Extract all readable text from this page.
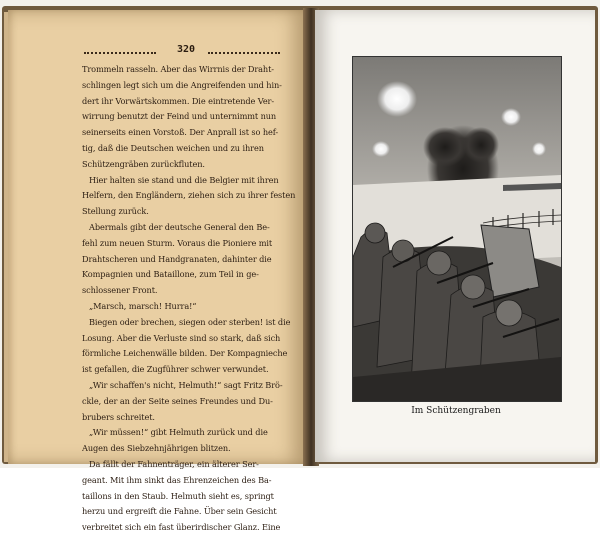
320
Trommeln rasseln. Aber das Wirrnis der Draht-
schlingen legt sich um die Angreifenden und hin-
dert ihr Vorwärtskommen. Die eintretende Ver-
wirrung benutzt der Feind und unternimmt nun
seinerseits einen Vorstoß. Der Anprall ist so hef-
tig, daß die Deutschen weichen und zu ihren
Schützengräben zurückfluten.
Hier halten sie stand und die Belgier mit ihren
Helfern, den Engländern, ziehen sich zu ihrer festen
Stellung zurück.
Abermals gibt der deutsche General den Be-
fehl zum neuen Sturm. Voraus die Pioniere mit
Drahtscheren und Handgranaten, dahinter die
Kompagnien und Bataillone, zum Teil in ge-
schlossener Front.
„Marsch, marsch! Hurra!“
Biegen oder brechen, siegen oder sterben! ist die
Losung. Aber die Verluste sind so stark, daß sich
förmliche Leichenwälle bilden. Der Kompagnieche
ist gefallen, die Zugführer schwer verwundet.
„Wir schaffen's nicht, Helmuth!“ sagt Fritz Brö-
ckle, der an der Seite seines Freundes und Du-
brubers schreitet.
„Wir müssen!“ gibt Helmuth zurück und die
Augen des Siebzehnjährigen blitzen.
Da fällt der Fahnenträger, ein älterer Ser-
geant. Mit ihm sinkt das Ehrenzeichen des Ba-
taillons in den Staub. Helmuth sieht es, springt
herzu und ergreift die Fahne. Über sein Gesicht
verbreitet sich ein fast überirdischer Glanz. Eine
Im Schützengraben
